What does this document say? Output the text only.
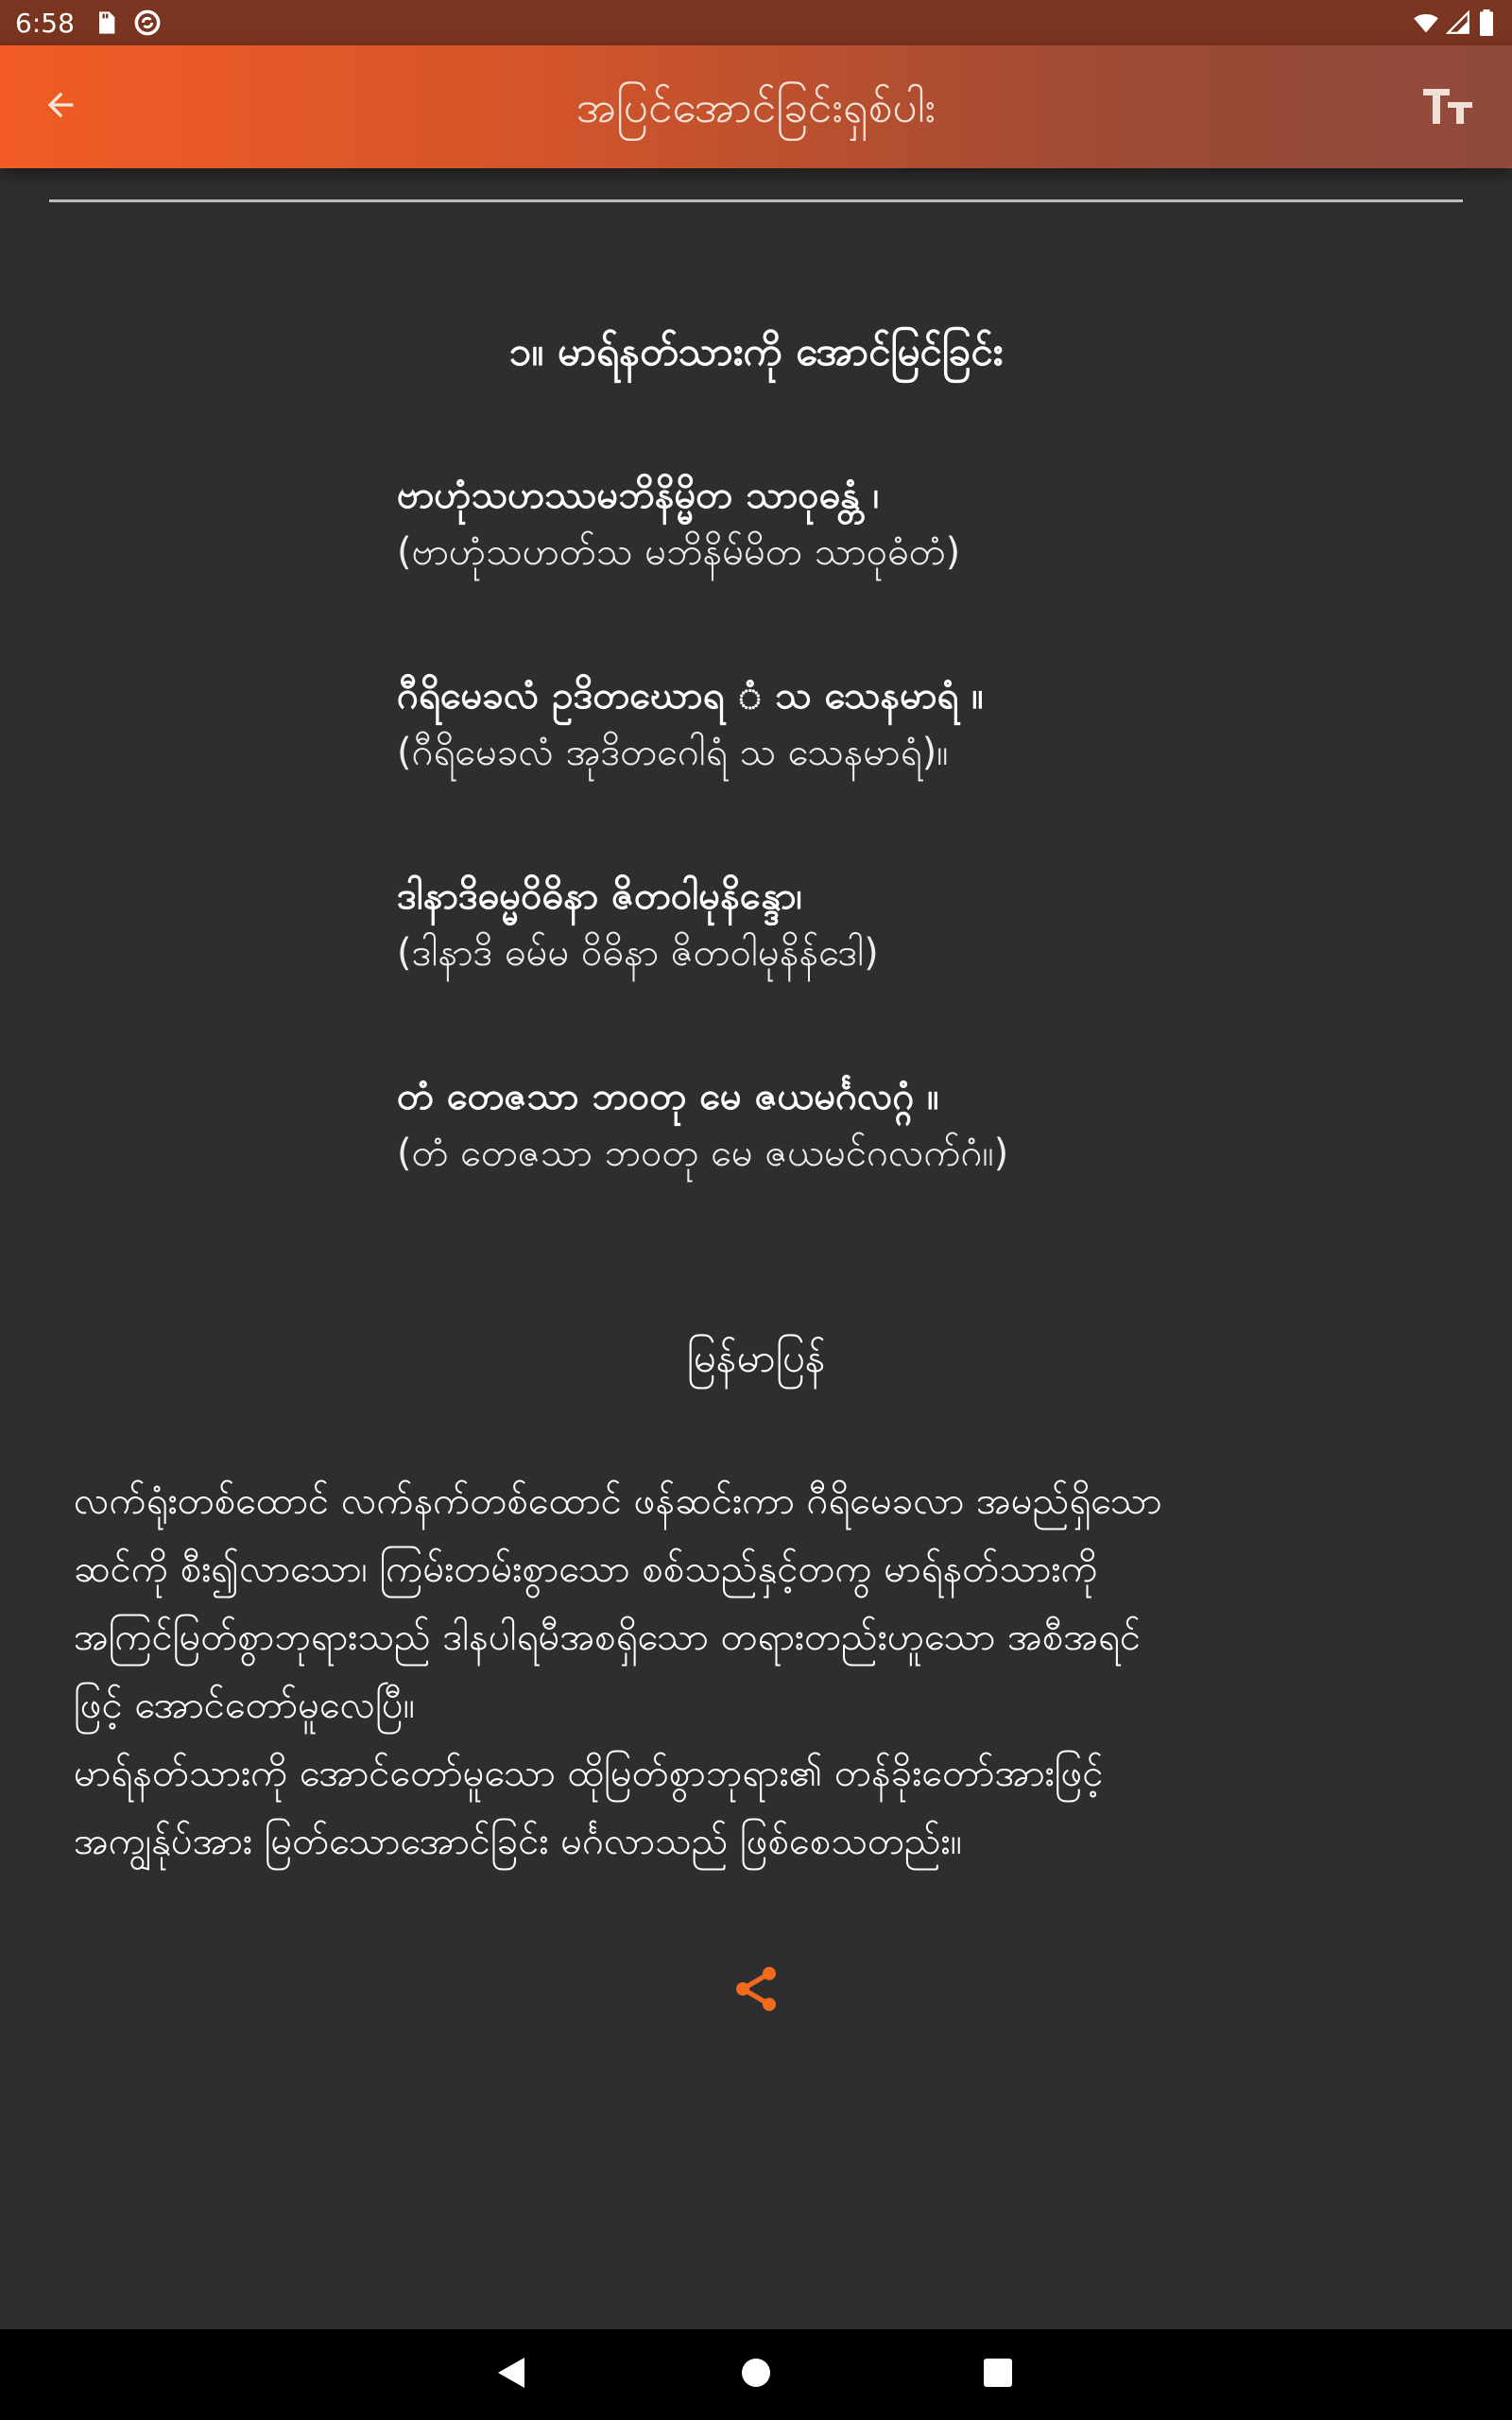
6:58
အပြင်အောင်ခြင်းရှစ်ပါး
၁။ မာရ်နတ်သားကို အောင်မြင်ခြင်း
ဗာဟုံသဟဿမဘိနိမ္မိတ သာဝုဓန္တံ ၊
(ဗာဟုံသဟတ်သ မဘိနိမ်မိတ သာဝုဓံတံ)
ဂီရိမေခလံ ဥဒိတဃောရ ံ သ သေနမာရံ ။
(ဂီရိမေခလံ အုဒိတဂေါရံ သ သေနမာရံ)။
ဒါနာဒိဓမ္မဝိဓိနာ ဇိတဝါမုနိန္ဒော၊
(ဒါနာဒိ ဓမ်မ ဝိဓိနာ ဇိတဝါမုနိန်ဒေါ)
တံ တေဇသာ ဘဝတု မေ ဇယမင်္ဂလဂ္ဂံ ။
(တံ တေဇသာ ဘဝတု မေ ဇယမင်ဂလက်ဂံ။)
မြန်မာပြန်
လက်ရုံးတစ်ထောင် လက်နက်တစ်ထောင် ဖန်ဆင်းကာ ဂီရိမေခလာ အမည်ရှိသော
ဆင်ကို စီး၍လာသော၊ ကြမ်းတမ်းစွာသော စစ်သည်နှင့်တကွ မာရ်နတ်သားကို
အကြင်မြတ်စွာဘုရားသည် ဒါနပါရမီအစရှိသော တရားတည်းဟူသော အစီအရင်
ဖြင့် အောင်တော်မူလေပြီ။
မာရ်နတ်သားကို အောင်တော်မူသော ထိုမြတ်စွာဘုရား၏ တန်ခိုးတော်အားဖြင့်
အကျွန်ုပ်အား မြတ်သောအောင်ခြင်း မင်္ဂလာသည် ဖြစ်စေသတည်း။
